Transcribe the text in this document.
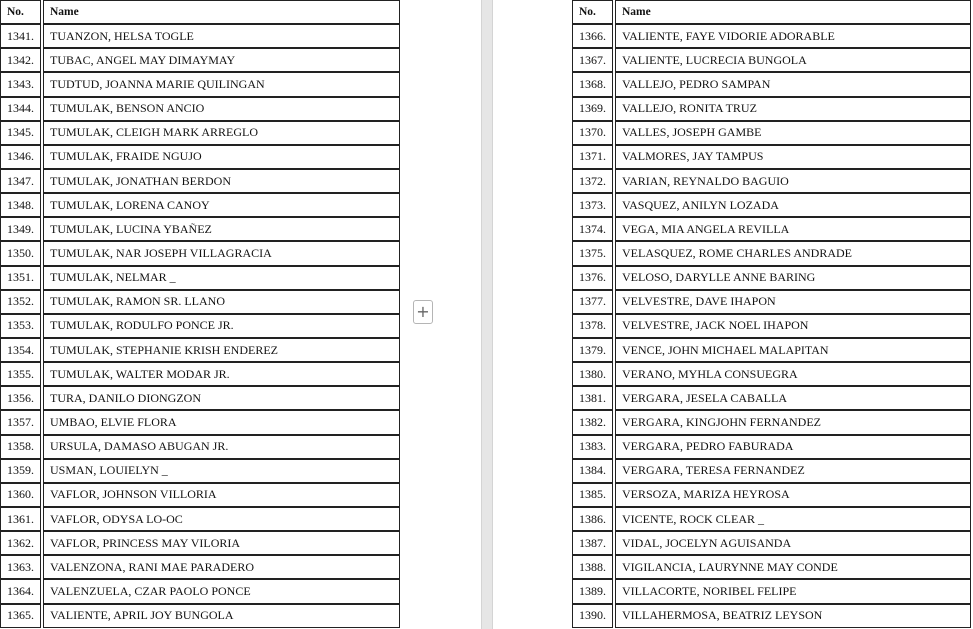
No.	Name
1341.	TUANZON, HELSA TOGLE
1342.	TUBAC, ANGEL MAY DIMAYMAY
1343.	TUDTUD, JOANNA MARIE QUILINGAN
1344.	TUMULAK, BENSON ANCIO
1345.	TUMULAK, CLEIGH MARK ARREGLO
1346.	TUMULAK, FRAIDE NGUJO
1347.	TUMULAK, JONATHAN BERDON
1348.	TUMULAK, LORENA CANOY
1349.	TUMULAK, LUCINA YBAÑEZ
1350.	TUMULAK, NAR JOSEPH VILLAGRACIA
1351.	TUMULAK, NELMAR _
1352.	TUMULAK, RAMON SR. LLANO
1353.	TUMULAK, RODULFO PONCE JR.
1354.	TUMULAK, STEPHANIE KRISH ENDEREZ
1355.	TUMULAK, WALTER MODAR JR.
1356.	TURA, DANILO DIONGZON
1357.	UMBAO, ELVIE FLORA
1358.	URSULA, DAMASO ABUGAN JR.
1359.	USMAN, LOUIELYN _
1360.	VAFLOR, JOHNSON VILLORIA
1361.	VAFLOR, ODYSA LO-OC
1362.	VAFLOR, PRINCESS MAY VILORIA
1363.	VALENZONA, RANI MAE PARADERO
1364.	VALENZUELA, CZAR PAOLO PONCE
1365.	VALIENTE, APRIL JOY BUNGOLA
+
No.	Name
1366.	VALIENTE, FAYE VIDORIE ADORABLE
1367.	VALIENTE, LUCRECIA BUNGOLA
1368.	VALLEJO, PEDRO SAMPAN
1369.	VALLEJO, RONITA TRUZ
1370.	VALLES, JOSEPH GAMBE
1371.	VALMORES, JAY TAMPUS
1372.	VARIAN, REYNALDO BAGUIO
1373.	VASQUEZ, ANILYN LOZADA
1374.	VEGA, MIA ANGELA REVILLA
1375.	VELASQUEZ, ROME CHARLES ANDRADE
1376.	VELOSO, DARYLLE ANNE BARING
1377.	VELVESTRE, DAVE IHAPON
1378.	VELVESTRE, JACK NOEL IHAPON
1379.	VENCE, JOHN MICHAEL MALAPITAN
1380.	VERANO, MYHLA CONSUEGRA
1381.	VERGARA, JESELA CABALLA
1382.	VERGARA, KINGJOHN FERNANDEZ
1383.	VERGARA, PEDRO FABURADA
1384.	VERGARA, TERESA FERNANDEZ
1385.	VERSOZA, MARIZA HEYROSA
1386.	VICENTE, ROCK CLEAR _
1387.	VIDAL, JOCELYN AGUISANDA
1388.	VIGILANCIA, LAURYNNE MAY CONDE
1389.	VILLACORTE, NORIBEL FELIPE
1390.	VILLAHERMOSA, BEATRIZ LEYSON
